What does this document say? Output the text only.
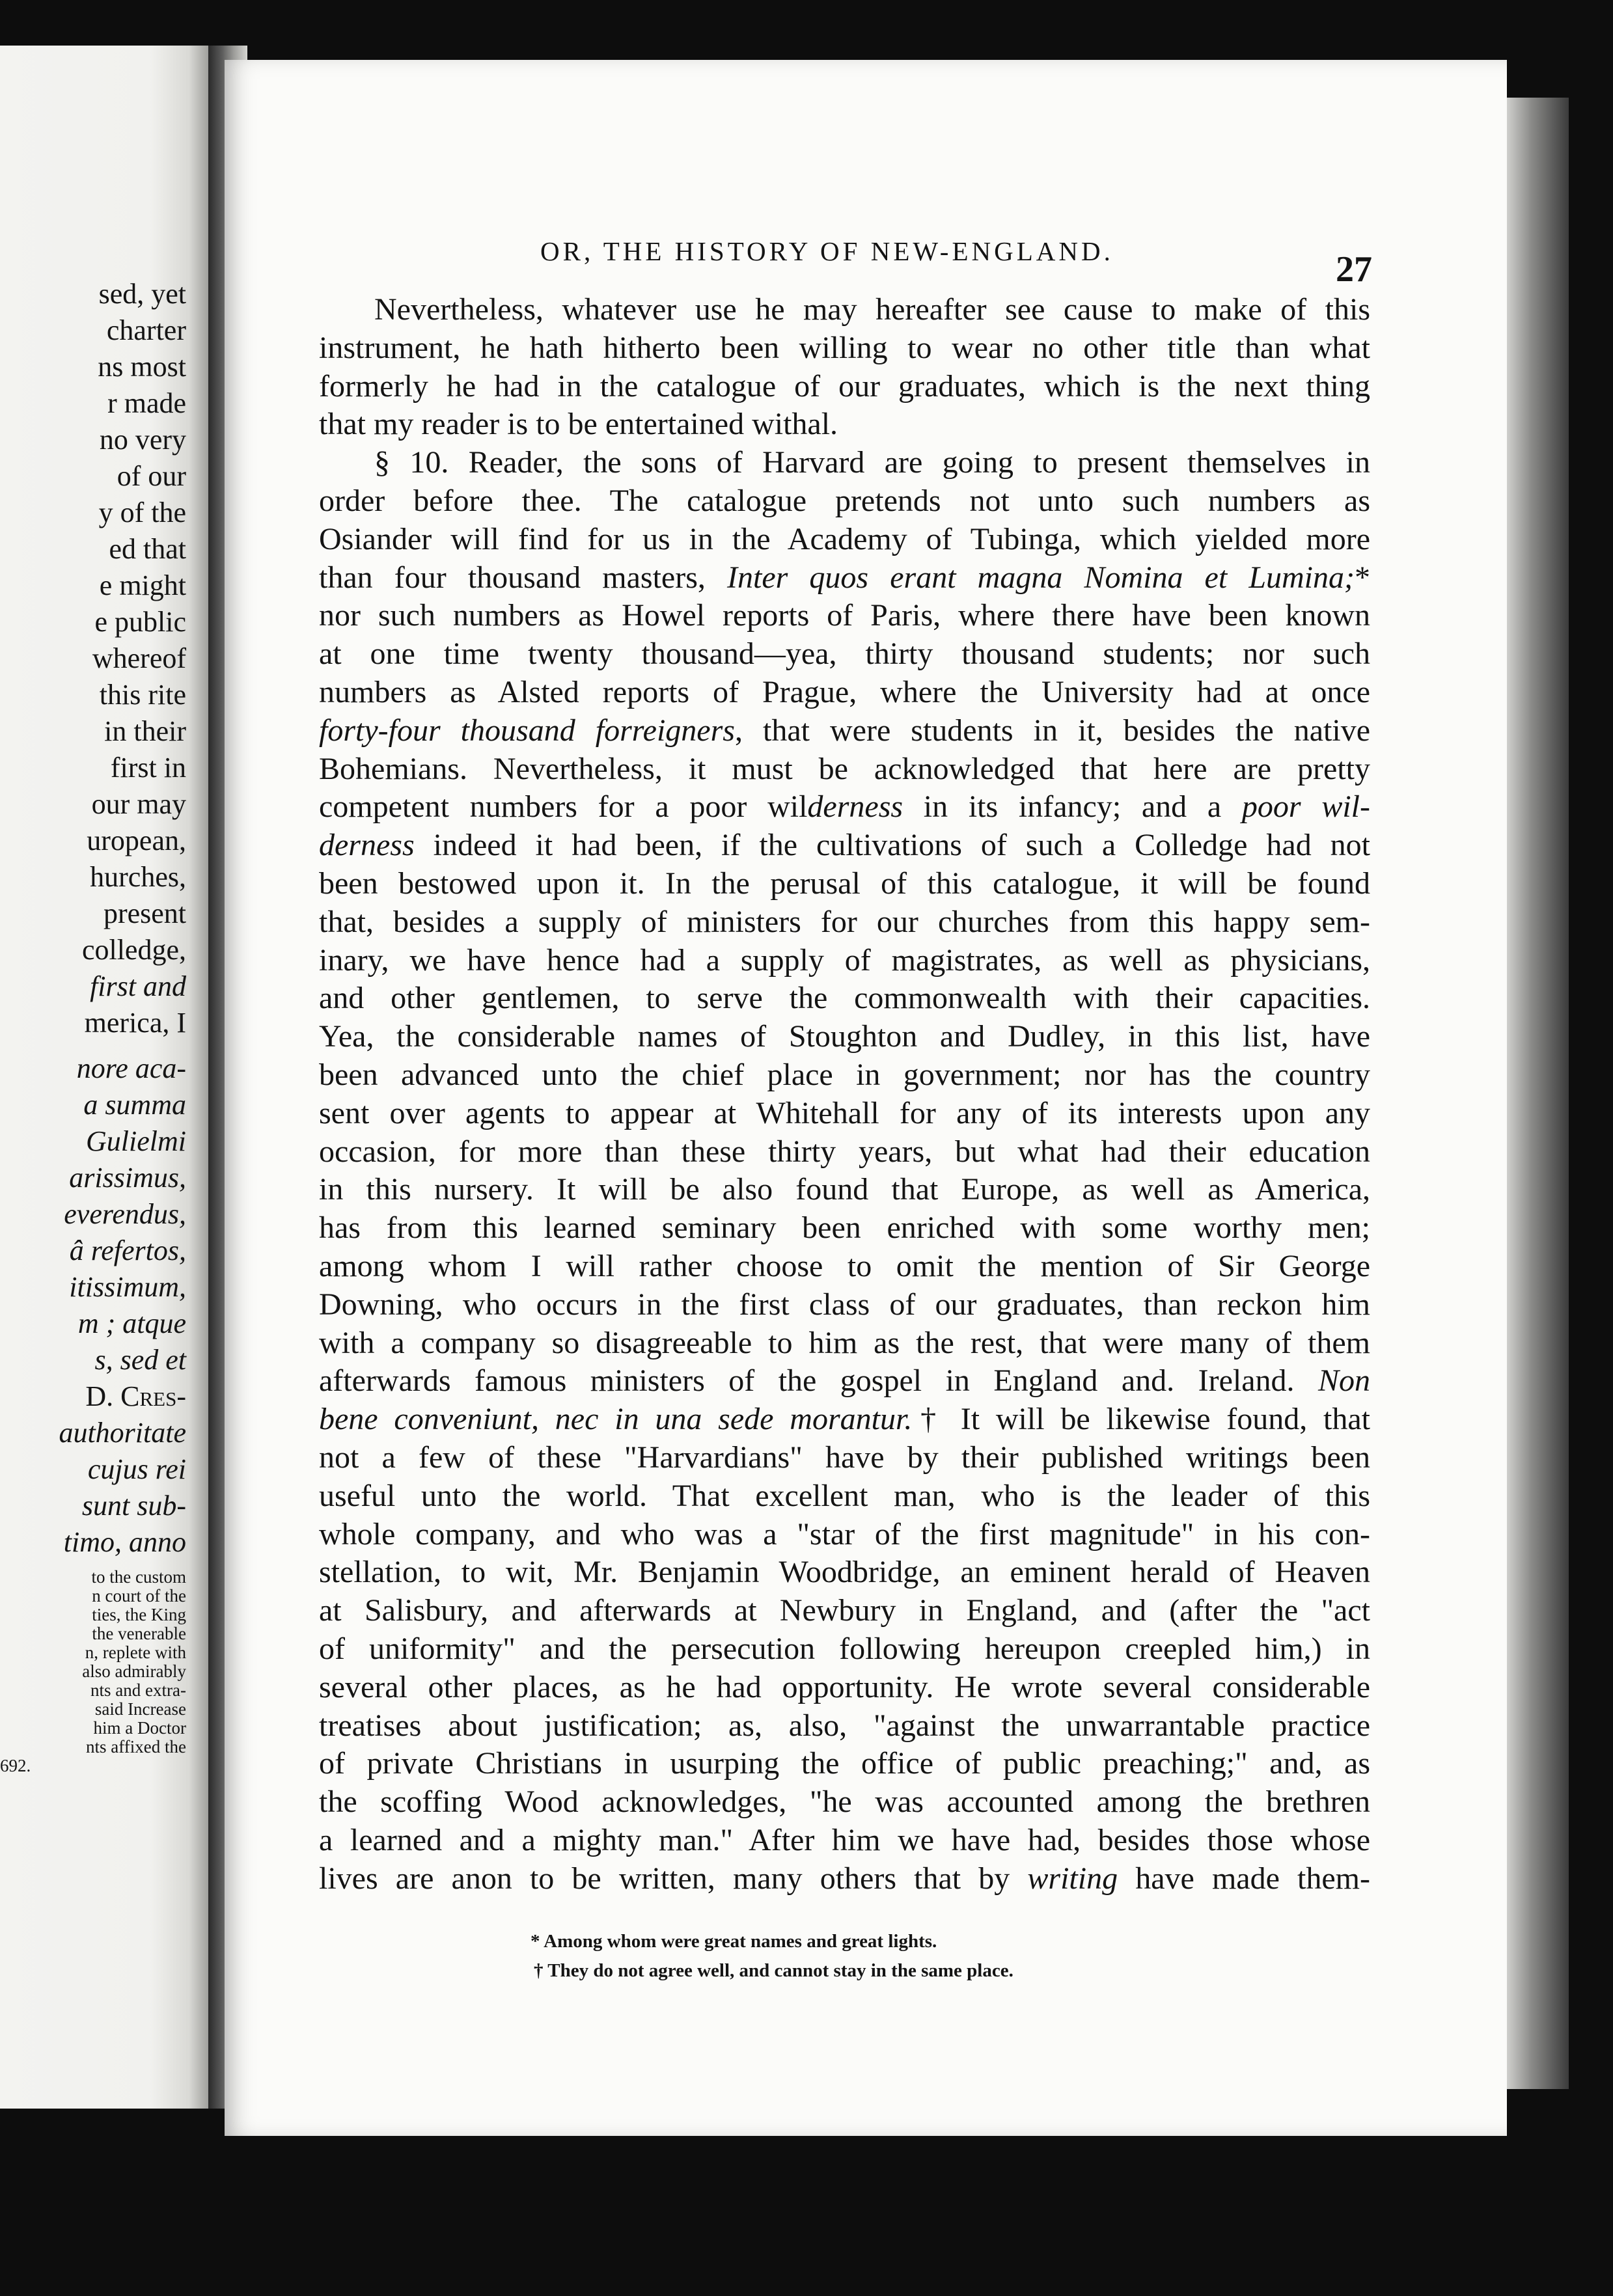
sed, yet
charter
ns most
r made
no very
of our
y of the
ed that
e might
e public
whereof
this rite
in their
first in
our may
uropean,
hurches,
present
colledge,
first and
merica, I
nore aca-
a summa
Gulielmi
arissimus,
everendus,
â refertos,
itissimum,
m ; atque
s, sed et
D. Cres-
authoritate
cujus rei
sunt sub-
timo, anno
to the custom
n court of the
ties, the King
the venerable
n, replete with
also admirably
nts and extra-
said Increase
him a Doctor
nts affixed the
692.
OR, THE HISTORY OF NEW-ENGLAND.	27
Nevertheless, whatever use he may hereafter see cause to make of this
instrument, he hath hitherto been willing to wear no other title than what
formerly he had in the catalogue of our graduates, which is the next thing
that my reader is to be entertained withal.
§ 10. Reader, the sons of Harvard are going to present themselves in
order before thee. The catalogue pretends not unto such numbers as
Osiander will find for us in the Academy of Tubinga, which yielded more
than four thousand masters, Inter quos erant magna Nomina et Lumina;*
nor such numbers as Howel reports of Paris, where there have been known
at one time twenty thousand—yea, thirty thousand students; nor such
numbers as Alsted reports of Prague, where the University had at once
forty-four thousand forreigners, that were students in it, besides the native
Bohemians. Nevertheless, it must be acknowledged that here are pretty
competent numbers for a poor wilderness in its infancy; and a poor wil-
derness indeed it had been, if the cultivations of such a Colledge had not
been bestowed upon it. In the perusal of this catalogue, it will be found
that, besides a supply of ministers for our churches from this happy sem-
inary, we have hence had a supply of magistrates, as well as physicians,
and other gentlemen, to serve the commonwealth with their capacities.
Yea, the considerable names of Stoughton and Dudley, in this list, have
been advanced unto the chief place in government; nor has the country
sent over agents to appear at Whitehall for any of its interests upon any
occasion, for more than these thirty years, but what had their education
in this nursery. It will be also found that Europe, as well as America,
has from this learned seminary been enriched with some worthy men;
among whom I will rather choose to omit the mention of Sir George
Downing, who occurs in the first class of our graduates, than reckon him
with a company so disagreeable to him as the rest, that were many of them
afterwards famous ministers of the gospel in England and. Ireland. Non
bene conveniunt, nec in una sede morantur.† It will be likewise found, that
not a few of these "Harvardians" have by their published writings been
useful unto the world. That excellent man, who is the leader of this
whole company, and who was a "star of the first magnitude" in his con-
stellation, to wit, Mr. Benjamin Woodbridge, an eminent herald of Heaven
at Salisbury, and afterwards at Newbury in England, and (after the "act
of uniformity" and the persecution following hereupon creepled him,) in
several other places, as he had opportunity. He wrote several considerable
treatises about justification; as, also, "against the unwarrantable practice
of private Christians in usurping the office of public preaching;" and, as
the scoffing Wood acknowledges, "he was accounted among the brethren
a learned and a mighty man." After him we have had, besides those whose
lives are anon to be written, many others that by writing have made them-
* Among whom were great names and great lights.
† They do not agree well, and cannot stay in the same place.
